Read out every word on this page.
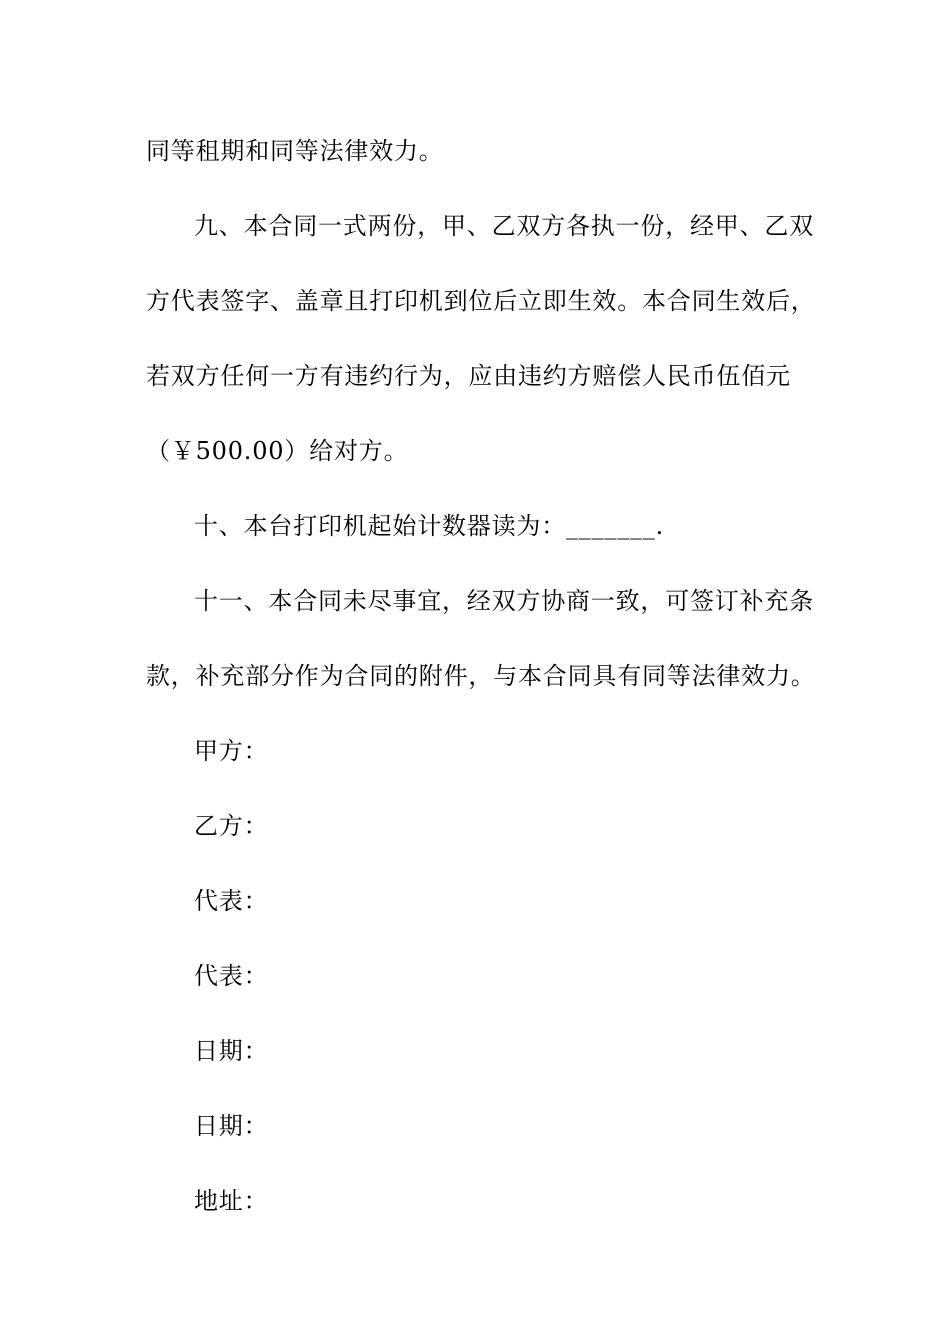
同等租期和同等法律效力。
九、本合同一式两份，甲、乙双方各执一份，经甲、乙双
方代表签字、盖章且打印机到位后立即生效。本合同生效后，
若双方任何一方有违约行为，应由违约方赔偿人民币伍佰元
（￥500.00）给对方。
十、本台打印机起始计数器读为：_______.
十一、本合同未尽事宜，经双方协商一致，可签订补充条
款，补充部分作为合同的附件，与本合同具有同等法律效力。
甲方：
乙方：
代表：
代表：
日期：
日期：
地址：
